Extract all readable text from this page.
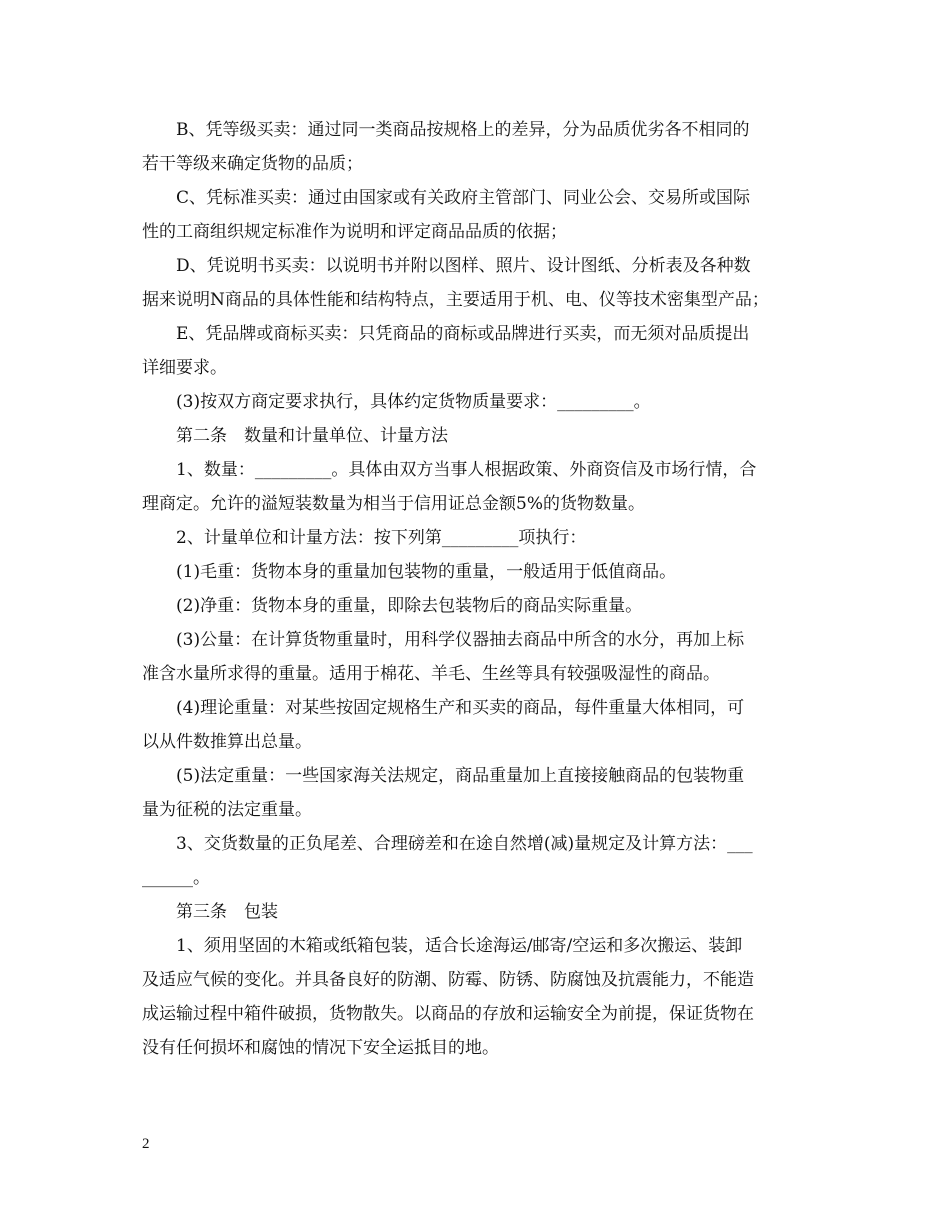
B、凭等级买卖：通过同一类商品按规格上的差异，分为品质优劣各不相同的
若干等级来确定货物的品质；
C、凭标准买卖：通过由国家或有关政府主管部门、同业公会、交易所或国际
性的工商组织规定标准作为说明和评定商品品质的依据；
D、凭说明书买卖：以说明书并附以图样、照片、设计图纸、分析表及各种数
据来说明N商品的具体性能和结构特点，主要适用于机、电、仪等技术密集型产品；
E、凭品牌或商标买卖：只凭商品的商标或品牌进行买卖，而无须对品质提出
详细要求。
(3)按双方商定要求执行，具体约定货物质量要求：_________。
第二条　数量和计量单位、计量方法
1、数量：_________。具体由双方当事人根据政策、外商资信及市场行情，合
理商定。允许的溢短装数量为相当于信用证总金额5%的货物数量。
2、计量单位和计量方法：按下列第_________项执行：
(1)毛重：货物本身的重量加包装物的重量，一般适用于低值商品。
(2)净重：货物本身的重量，即除去包装物后的商品实际重量。
(3)公量：在计算货物重量时，用科学仪器抽去商品中所含的水分，再加上标
准含水量所求得的重量。适用于棉花、羊毛、生丝等具有较强吸湿性的商品。
(4)理论重量：对某些按固定规格生产和买卖的商品，每件重量大体相同，可
以从件数推算出总量。
(5)法定重量：一些国家海关法规定，商品重量加上直接接触商品的包装物重
量为征税的法定重量。
3、交货数量的正负尾差、合理磅差和在途自然增(减)量规定及计算方法：___
______。
第三条　包装
1、须用坚固的木箱或纸箱包装，适合长途海运/邮寄/空运和多次搬运、装卸
及适应气候的变化。并具备良好的防潮、防霉、防锈、防腐蚀及抗震能力，不能造
成运输过程中箱件破损，货物散失。以商品的存放和运输安全为前提，保证货物在
没有任何损坏和腐蚀的情况下安全运抵目的地。
2
